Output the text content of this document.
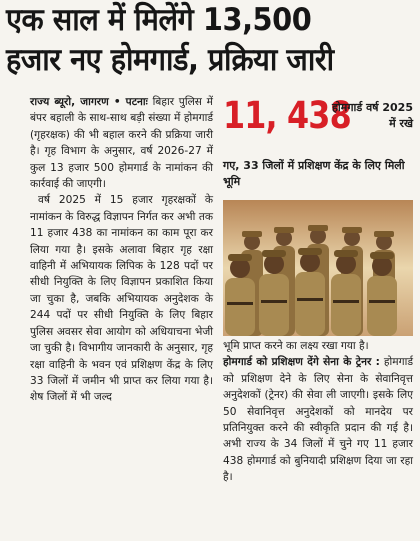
एक साल में मिलेंगे 13,500
हजार नए होमगार्ड, प्रक्रिया जारी

राज्य ब्यूरो, जागरण • पटनाः बिहार पुलिस में बंपर बहाली के साथ-साथ बड़ी संख्या में होमगार्ड (गृहरक्षक) की भी बहाल करने की प्रक्रिया जारी है। गृह विभाग के अनुसार, वर्ष 2026-27 में कुल 13 हजार 500 होमगार्ड के नामांकन की कार्रवाई की जाएगी।

वर्ष 2025 में 15 हजार गृहरक्षकों के नामांकन के विरुद्ध विज्ञापन निर्गत कर अभी तक 11 हजार 438 का नामांकन का काम पूरा कर लिया गया है। इसके अलावा बिहार गृह रक्षा वाहिनी में अभियायक लिपिक के 128 पदों पर सीधी नियुक्ति के लिए विज्ञापन प्रकाशित किया जा चुका है, जबकि अभियायक अनुदेशक के 244 पदों पर सीधी नियुक्ति के लिए बिहार पुलिस अवसर सेवा आयोग को अधियाचना भेजी जा चुकी है। विभागीय जानकारी के अनुसार, गृह रक्षा वाहिनी के भवन एवं प्रशिक्षण केंद्र के लिए 33 जिलों में जमीन भी प्राप्त कर लिया गया है। शेष जिलों में भी जल्द

11, 438
होमगार्ड वर्ष 2025 में रखे
गए, 33 जिलों में प्रशिक्षण केंद्र के लिए मिली भूमि

भूमि प्राप्त करने का लक्ष्य रखा गया है।

होमगार्ड को प्रशिक्षण देंगे सेना के ट्रेनर : होमगार्ड को प्रशिक्षण देने के लिए सेना के सेवानिवृत्त अनुदेशकों (ट्रेनर) की सेवा ली जाएगी। इसके लिए 50 सेवानिवृत्त अनुदेशकों को मानदेय पर प्रतिनियुक्त करने की स्वीकृति प्रदान की गई है। अभी राज्य के 34 जिलों में चुने गए 11 हजार 438 होमगार्ड को बुनियादी प्रशिक्षण दिया जा रहा है।
